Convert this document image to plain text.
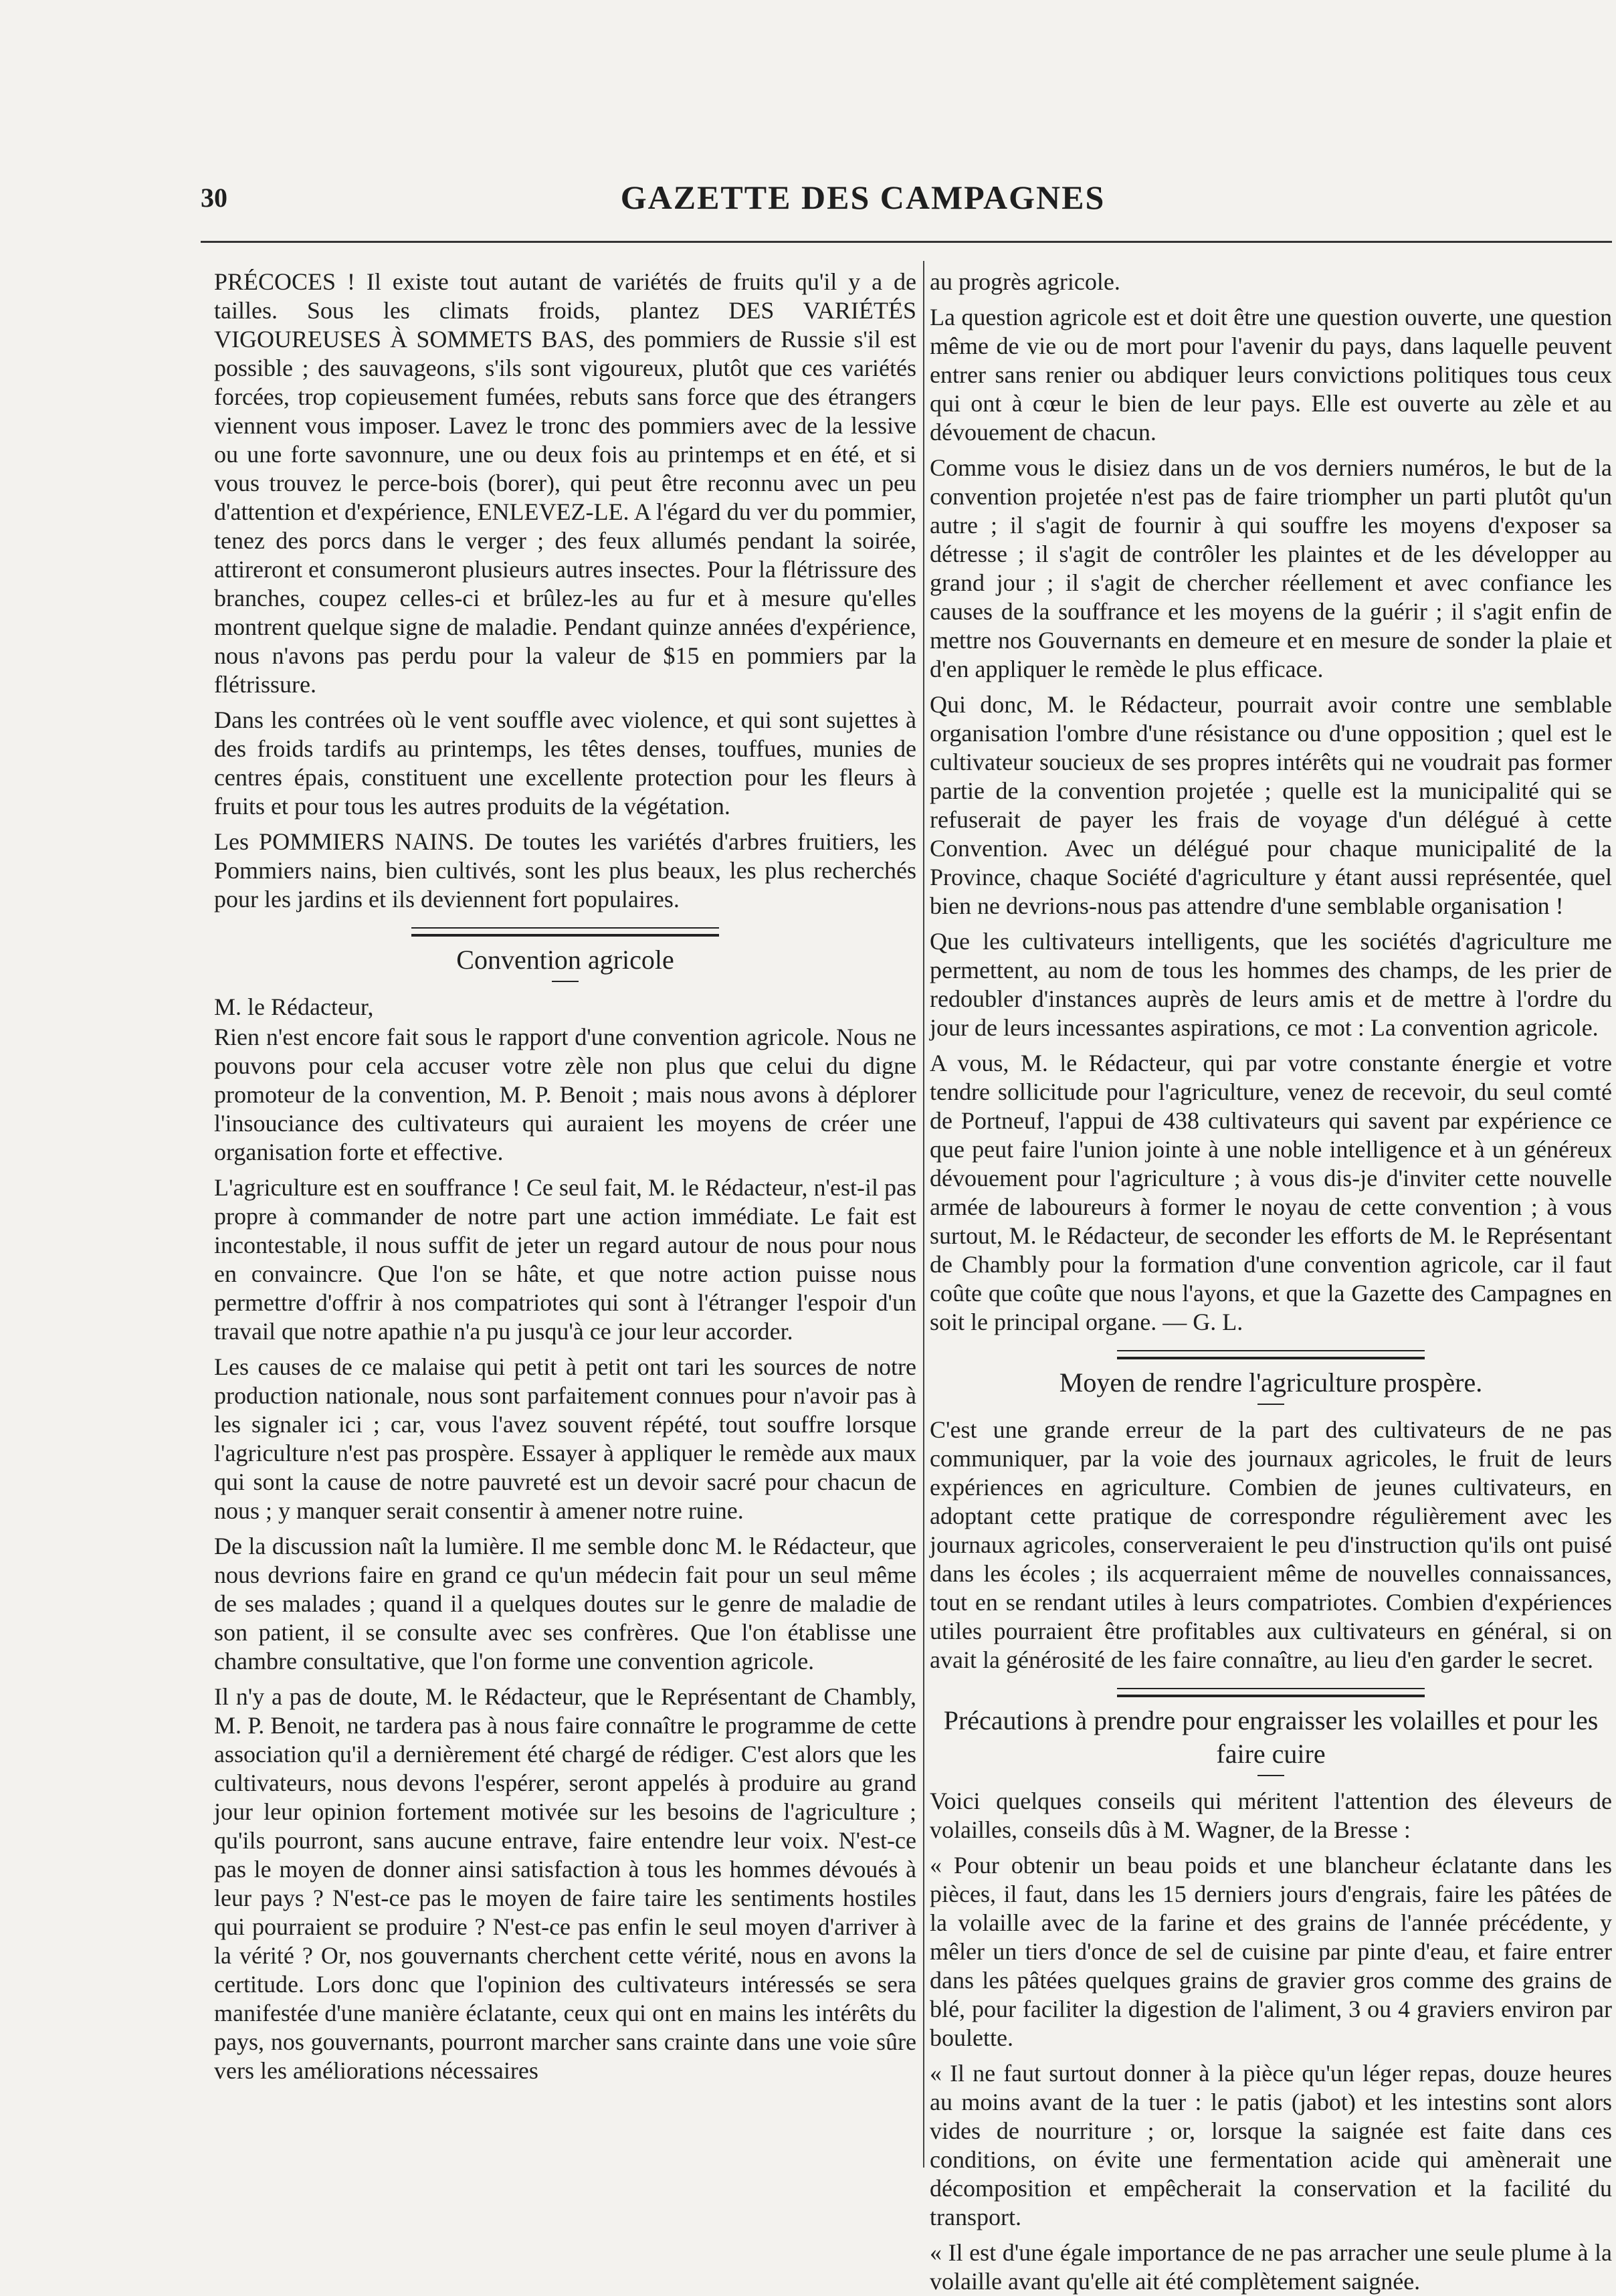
30	GAZETTE DES CAMPAGNES

PRÉCOCES ! Il existe tout autant de variétés de fruits qu'il y a de tailles. Sous les climats froids, plantez DES VARIÉTÉS VIGOUREUSES À SOMMETS BAS, des pommiers de Russie s'il est possible ; des sauvageons, s'ils sont vigoureux, plutôt que ces variétés forcées, trop copieusement fumées, rebuts sans force que des étrangers viennent vous imposer. Lavez le tronc des pommiers avec de la lessive ou une forte savonnure, une ou deux fois au printemps et en été, et si vous trouvez le perce-bois (borer), qui peut être reconnu avec un peu d'attention et d'expérience, ENLEVEZ-LE. A l'égard du ver du pommier, tenez des porcs dans le verger ; des feux allumés pendant la soirée, attireront et consumeront plusieurs autres insectes. Pour la flétrissure des branches, coupez celles-ci et brûlez-les au fur et à mesure qu'elles montrent quelque signe de maladie. Pendant quinze années d'expérience, nous n'avons pas perdu pour la valeur de $15 en pommiers par la flétrissure.

Dans les contrées où le vent souffle avec violence, et qui sont sujettes à des froids tardifs au printemps, les têtes denses, touffues, munies de centres épais, constituent une excellente protection pour les fleurs à fruits et pour tous les autres produits de la végétation.

Les POMMIERS NAINS. De toutes les variétés d'arbres fruitiers, les Pommiers nains, bien cultivés, sont les plus beaux, les plus recherchés pour les jardins et ils deviennent fort populaires.

Convention agricole
M. le Rédacteur,

Rien n'est encore fait sous le rapport d'une convention agricole. Nous ne pouvons pour cela accuser votre zèle non plus que celui du digne promoteur de la convention, M. P. Benoit ; mais nous avons à déplorer l'insouciance des cultivateurs qui auraient les moyens de créer une organisation forte et effective.

L'agriculture est en souffrance ! Ce seul fait, M. le Rédacteur, n'est-il pas propre à commander de notre part une action immédiate. Le fait est incontestable, il nous suffit de jeter un regard autour de nous pour nous en convaincre. Que l'on se hâte, et que notre action puisse nous permettre d'offrir à nos compatriotes qui sont à l'étranger l'espoir d'un travail que notre apathie n'a pu jusqu'à ce jour leur accorder.

Les causes de ce malaise qui petit à petit ont tari les sources de notre production nationale, nous sont parfaitement connues pour n'avoir pas à les signaler ici ; car, vous l'avez souvent répété, tout souffre lorsque l'agriculture n'est pas prospère. Essayer à appliquer le remède aux maux qui sont la cause de notre pauvreté est un devoir sacré pour chacun de nous ; y manquer serait consentir à amener notre ruine.

De la discussion naît la lumière. Il me semble donc M. le Rédacteur, que nous devrions faire en grand ce qu'un médecin fait pour un seul même de ses malades ; quand il a quelques doutes sur le genre de maladie de son patient, il se consulte avec ses confrères. Que l'on établisse une chambre consultative, que l'on forme une convention agricole.

Il n'y a pas de doute, M. le Rédacteur, que le Représentant de Chambly, M. P. Benoit, ne tardera pas à nous faire connaître le programme de cette association qu'il a dernièrement été chargé de rédiger. C'est alors que les cultivateurs, nous devons l'espérer, seront appelés à produire au grand jour leur opinion fortement motivée sur les besoins de l'agriculture ; qu'ils pourront, sans aucune entrave, faire entendre leur voix. N'est-ce pas le moyen de donner ainsi satisfaction à tous les hommes dévoués à leur pays ? N'est-ce pas le moyen de faire taire les sentiments hostiles qui pourraient se produire ? N'est-ce pas enfin le seul moyen d'arriver à la vérité ? Or, nos gouvernants cherchent cette vérité, nous en avons la certitude. Lors donc que l'opinion des cultivateurs intéressés se sera manifestée d'une manière éclatante, ceux qui ont en mains les intérêts du pays, nos gouvernants, pourront marcher sans crainte dans une voie sûre vers les améliorations nécessaires

au progrès agricole.

La question agricole est et doit être une question ouverte, une question même de vie ou de mort pour l'avenir du pays, dans laquelle peuvent entrer sans renier ou abdiquer leurs convictions politiques tous ceux qui ont à cœur le bien de leur pays. Elle est ouverte au zèle et au dévouement de chacun.

Comme vous le disiez dans un de vos derniers numéros, le but de la convention projetée n'est pas de faire triompher un parti plutôt qu'un autre ; il s'agit de fournir à qui souffre les moyens d'exposer sa détresse ; il s'agit de contrôler les plaintes et de les développer au grand jour ; il s'agit de chercher réellement et avec confiance les causes de la souffrance et les moyens de la guérir ; il s'agit enfin de mettre nos Gouvernants en demeure et en mesure de sonder la plaie et d'en appliquer le remède le plus efficace.

Qui donc, M. le Rédacteur, pourrait avoir contre une semblable organisation l'ombre d'une résistance ou d'une opposition ; quel est le cultivateur soucieux de ses propres intérêts qui ne voudrait pas former partie de la convention projetée ; quelle est la municipalité qui se refuserait de payer les frais de voyage d'un délégué à cette Convention. Avec un délégué pour chaque municipalité de la Province, chaque Société d'agriculture y étant aussi représentée, quel bien ne devrions-nous pas attendre d'une semblable organisation !

Que les cultivateurs intelligents, que les sociétés d'agriculture me permettent, au nom de tous les hommes des champs, de les prier de redoubler d'instances auprès de leurs amis et de mettre à l'ordre du jour de leurs incessantes aspirations, ce mot : La convention agricole.

A vous, M. le Rédacteur, qui par votre constante énergie et votre tendre sollicitude pour l'agriculture, venez de recevoir, du seul comté de Portneuf, l'appui de 438 cultivateurs qui savent par expérience ce que peut faire l'union jointe à une noble intelligence et à un généreux dévouement pour l'agriculture ; à vous dis-je d'inviter cette nouvelle armée de laboureurs à former le noyau de cette convention ; à vous surtout, M. le Rédacteur, de seconder les efforts de M. le Représentant de Chambly pour la formation d'une convention agricole, car il faut coûte que coûte que nous l'ayons, et que la Gazette des Campagnes en soit le principal organe. — G. L.

Moyen de rendre l'agriculture prospère.

C'est une grande erreur de la part des cultivateurs de ne pas communiquer, par la voie des journaux agricoles, le fruit de leurs expériences en agriculture. Combien de jeunes cultivateurs, en adoptant cette pratique de correspondre régulièrement avec les journaux agricoles, conserveraient le peu d'instruction qu'ils ont puisé dans les écoles ; ils acquerraient même de nouvelles connaissances, tout en se rendant utiles à leurs compatriotes. Combien d'expériences utiles pourraient être profitables aux cultivateurs en général, si on avait la générosité de les faire connaître, au lieu d'en garder le secret.

Précautions à prendre pour engraisser les volailles et pour les faire cuire

Voici quelques conseils qui méritent l'attention des éleveurs de volailles, conseils dûs à M. Wagner, de la Bresse :

« Pour obtenir un beau poids et une blancheur éclatante dans les pièces, il faut, dans les 15 derniers jours d'engrais, faire les pâtées de la volaille avec de la farine et des grains de l'année précédente, y mêler un tiers d'once de sel de cuisine par pinte d'eau, et faire entrer dans les pâtées quelques grains de gravier gros comme des grains de blé, pour faciliter la digestion de l'aliment, 3 ou 4 graviers environ par boulette.

« Il ne faut surtout donner à la pièce qu'un léger repas, douze heures au moins avant de la tuer : le patis (jabot) et les intestins sont alors vides de nourriture ; or, lorsque la saignée est faite dans ces conditions, on évite une fermentation acide qui amènerait une décomposition et empêcherait la conservation et la facilité du transport.

« Il est d'une égale importance de ne pas arracher une seule plume à la volaille avant qu'elle ait été complètement saignée.
